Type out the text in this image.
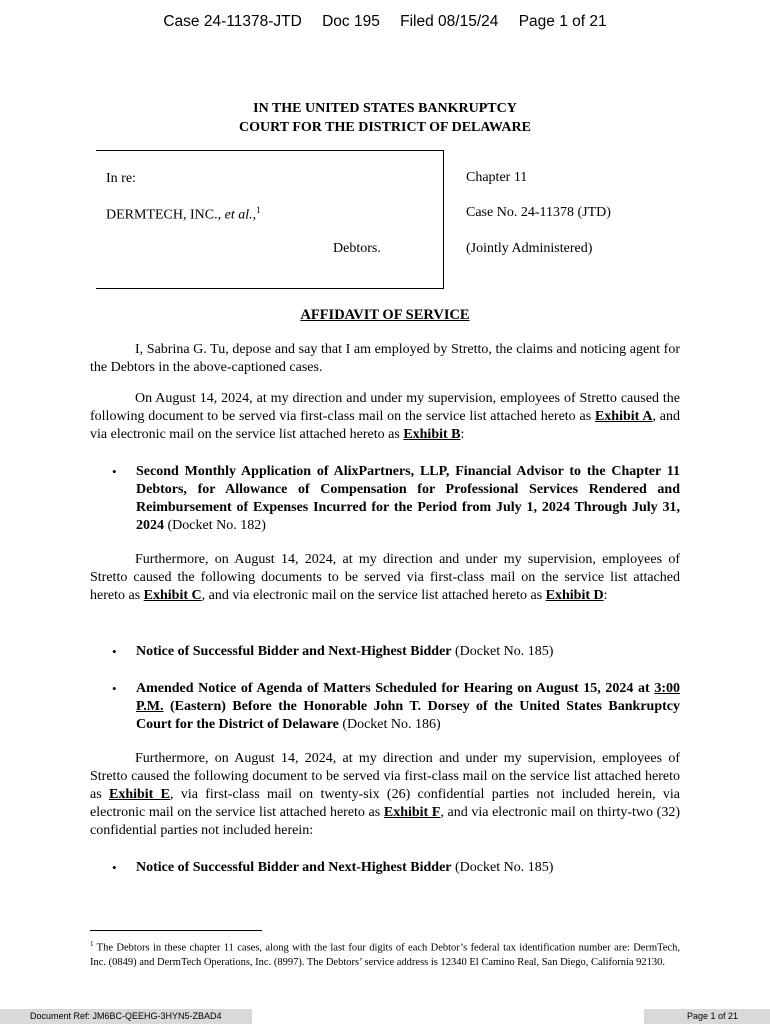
Case 24-11378-JTD Doc 195 Filed 08/15/24 Page 1 of 21
IN THE UNITED STATES BANKRUPTCY
COURT FOR THE DISTRICT OF DELAWARE
In re:
DERMTECH, INC., et al.,$^1$
Debtors.
Chapter 11
Case No. 24-11378 (JTD)
(Jointly Administered)
AFFIDAVIT OF SERVICE

I, Sabrina G. Tu, depose and say that I am employed by Stretto, the claims and noticing agent for the Debtors in the above-captioned cases.

On August 14, 2024, at my direction and under my supervision, employees of Stretto caused the following document to be served via first-class mail on the service list attached hereto as Exhibit A, and via electronic mail on the service list attached hereto as Exhibit B:

• Second Monthly Application of AlixPartners, LLP, Financial Advisor to the Chapter 11 Debtors, for Allowance of Compensation for Professional Services Rendered and Reimbursement of Expenses Incurred for the Period from July 1, 2024 Through July 31, 2024 (Docket No. 182)

Furthermore, on August 14, 2024, at my direction and under my supervision, employees of Stretto caused the following documents to be served via first-class mail on the service list attached hereto as Exhibit C, and via electronic mail on the service list attached hereto as Exhibit D:

• Notice of Successful Bidder and Next-Highest Bidder (Docket No. 185)

• Amended Notice of Agenda of Matters Scheduled for Hearing on August 15, 2024 at 3:00 P.M. (Eastern) Before the Honorable John T. Dorsey of the United States Bankruptcy Court for the District of Delaware (Docket No. 186)

Furthermore, on August 14, 2024, at my direction and under my supervision, employees of Stretto caused the following document to be served via first-class mail on the service list attached hereto as Exhibit E, via first-class mail on twenty-six (26) confidential parties not included herein, via electronic mail on the service list attached hereto as Exhibit F, and via electronic mail on thirty-two (32) confidential parties not included herein:

• Notice of Successful Bidder and Next-Highest Bidder (Docket No. 185)

$^1$ The Debtors in these chapter 11 cases, along with the last four digits of each Debtor’s federal tax identification number are: DermTech, Inc. (0849) and DermTech Operations, Inc. (8997). The Debtors’ service address is 12340 El Camino Real, San Diego, California 92130.

Document Ref: JM6BC-QEEHG-3HYN5-ZBAD4	Page 1 of 21
